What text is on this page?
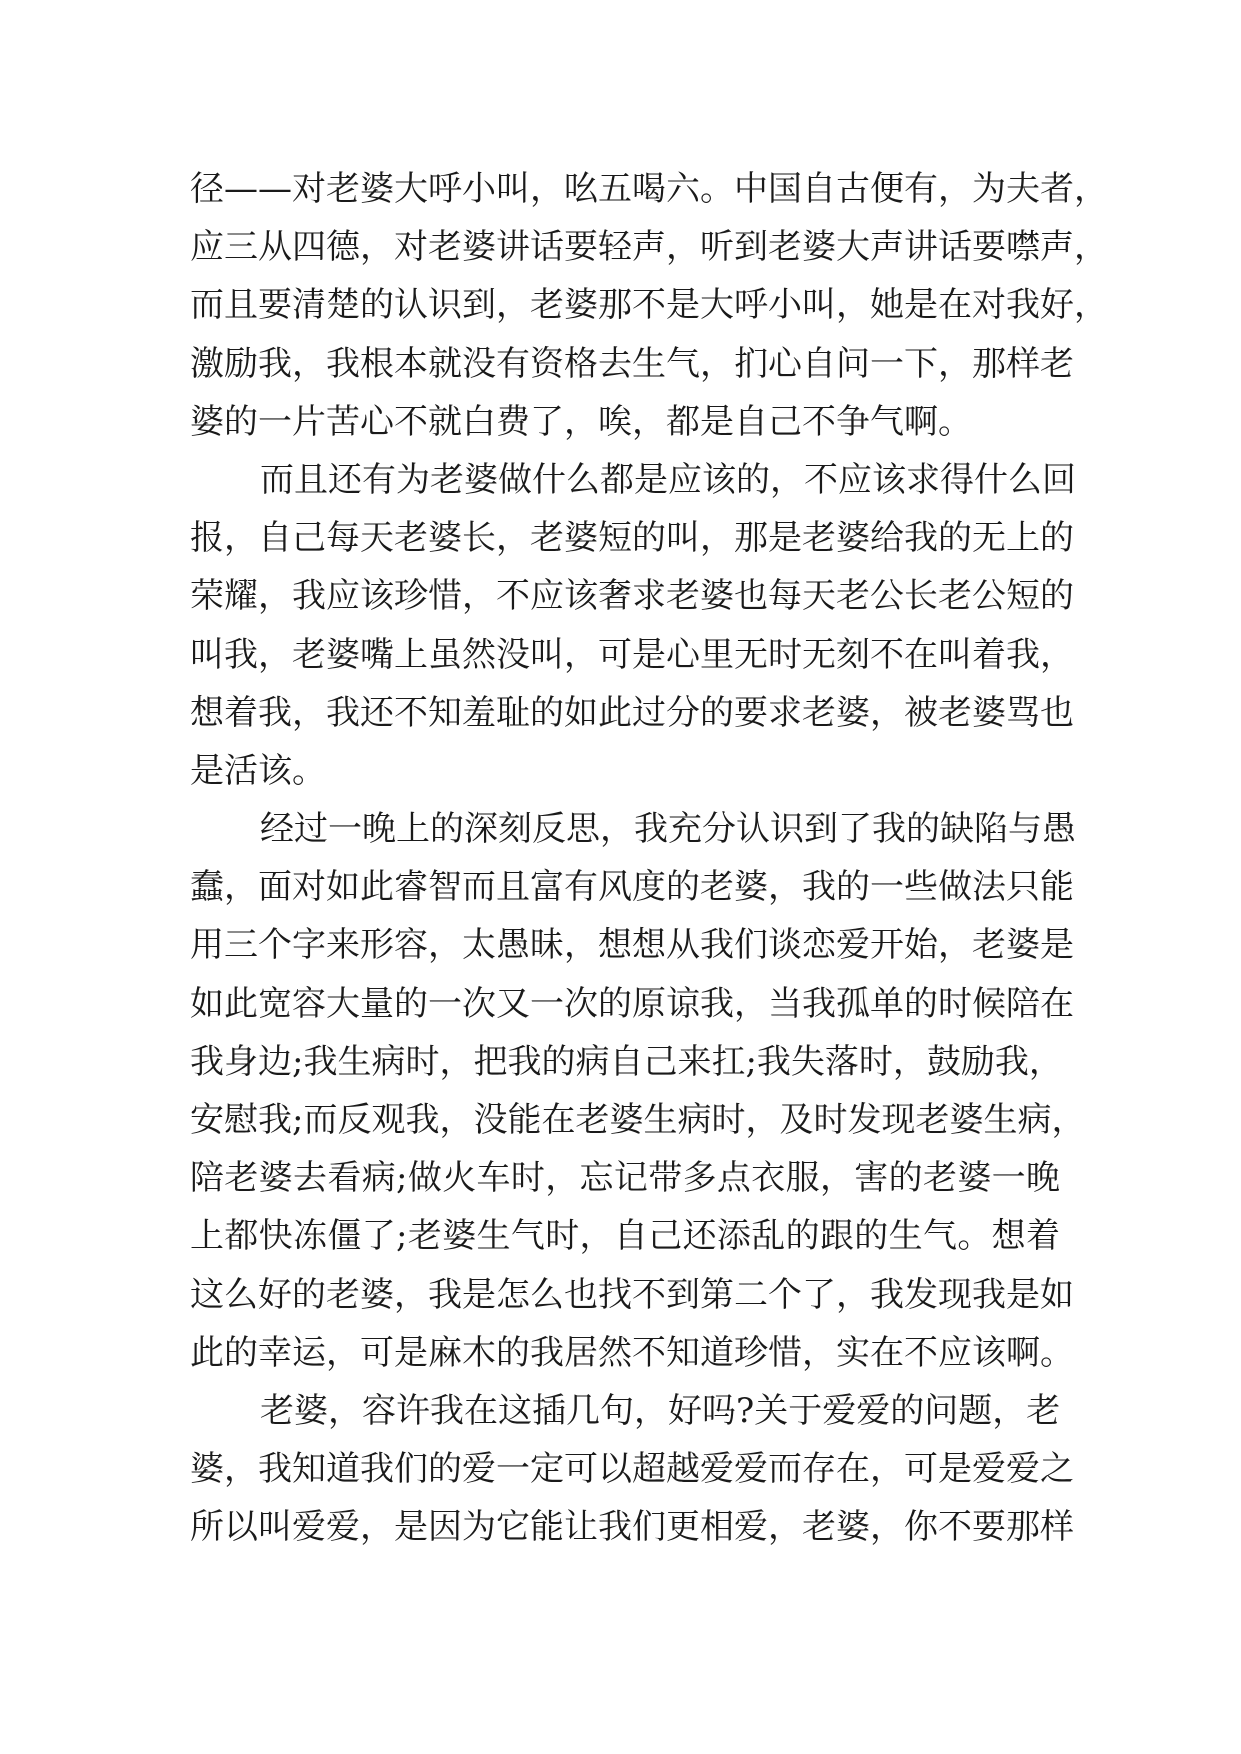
径——对老婆大呼小叫，吆五喝六。中国自古便有，为夫者，
应三从四德，对老婆讲话要轻声，听到老婆大声讲话要噤声，
而且要清楚的认识到，老婆那不是大呼小叫，她是在对我好，
激励我，我根本就没有资格去生气，扪心自问一下，那样老
婆的一片苦心不就白费了，唉，都是自己不争气啊。
而且还有为老婆做什么都是应该的，不应该求得什么回
报，自己每天老婆长，老婆短的叫，那是老婆给我的无上的
荣耀，我应该珍惜，不应该奢求老婆也每天老公长老公短的
叫我，老婆嘴上虽然没叫，可是心里无时无刻不在叫着我，
想着我，我还不知羞耻的如此过分的要求老婆，被老婆骂也
是活该。
经过一晚上的深刻反思，我充分认识到了我的缺陷与愚
蠢，面对如此睿智而且富有风度的老婆，我的一些做法只能
用三个字来形容，太愚昧，想想从我们谈恋爱开始，老婆是
如此宽容大量的一次又一次的原谅我，当我孤单的时候陪在
我身边;我生病时，把我的病自己来扛;我失落时，鼓励我，
安慰我;而反观我，没能在老婆生病时，及时发现老婆生病，
陪老婆去看病;做火车时，忘记带多点衣服，害的老婆一晚
上都快冻僵了;老婆生气时，自己还添乱的跟的生气。想着
这么好的老婆，我是怎么也找不到第二个了，我发现我是如
此的幸运，可是麻木的我居然不知道珍惜，实在不应该啊。
老婆，容许我在这插几句，好吗?关于爱爱的问题，老
婆，我知道我们的爱一定可以超越爱爱而存在，可是爱爱之
所以叫爱爱，是因为它能让我们更相爱，老婆，你不要那样
